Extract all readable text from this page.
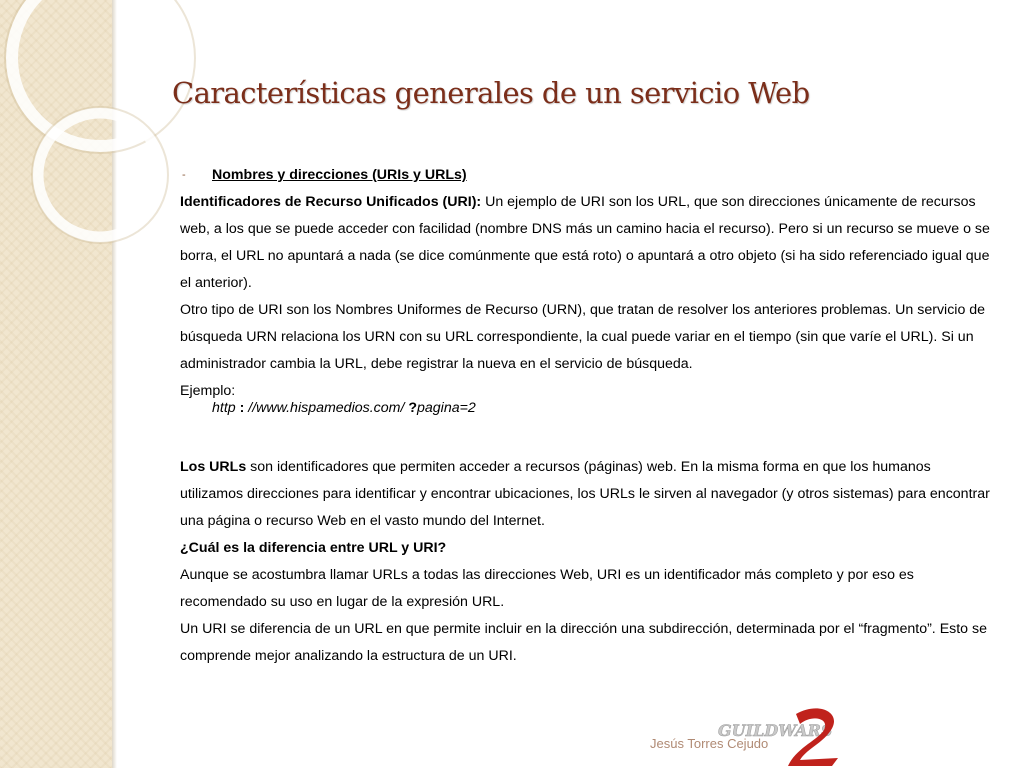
Características generales de un servicio Web

- Nombres y direcciones (URIs y URLs)

Identificadores de Recurso Unificados (URI): Un ejemplo de URI son los URL, que son direcciones únicamente de recursos web, a los que se puede acceder con facilidad (nombre DNS más un camino hacia el recurso). Pero si un recurso se mueve o se borra, el URL no apuntará a nada (se dice comúnmente que está roto) o apuntará a otro objeto (si ha sido referenciado igual que el anterior).

Otro tipo de URI son los Nombres Uniformes de Recurso (URN), que tratan de resolver los anteriores problemas. Un servicio de búsqueda URN relaciona los URN con su URL correspondiente, la cual puede variar en el tiempo (sin que varíe el URL). Si un administrador cambia la URL, debe registrar la nueva en el servicio de búsqueda.

Ejemplo:

http : //www.hispamedios.com/ ?pagina=2

Los URLs son identificadores que permiten acceder a recursos (páginas) web. En la misma forma en que los humanos utilizamos direcciones para identificar y encontrar ubicaciones, los URLs le sirven al navegador (y otros sistemas) para encontrar una página o recurso Web en el vasto mundo del Internet.

¿Cuál es la diferencia entre URL y URI?

Aunque se acostumbra llamar URLs a todas las direcciones Web, URI es un identificador más completo y por eso es recomendado su uso en lugar de la expresión URL.

Un URI se diferencia de un URL en que permite incluir en la dirección una subdirección, determinada por el “fragmento”. Esto se comprende mejor analizando la estructura de un URI.

GUILDWARS
Jesús Torres Cejudo
